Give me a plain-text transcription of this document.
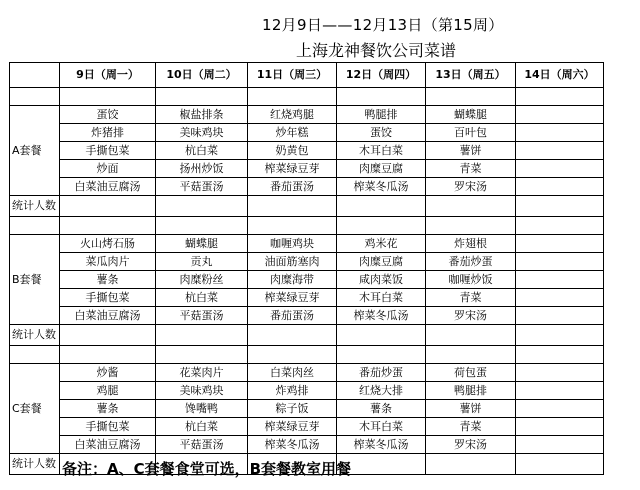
12月9日——12月13日（第15周）
上海龙神餐饮公司菜谱
	9日（周一）	10日（周二）	11日（周三）	12日（周四）	13日（周五）	14日（周六）

A套餐	蛋饺	椒盐排条	红烧鸡腿	鸭腿排	蝴蝶腿	
	炸猪排	美味鸡块	炒年糕	蛋饺	百叶包	
	手撕包菜	杭白菜	奶黄包	木耳白菜	薯饼	
	炒面	扬州炒饭	榨菜绿豆芽	肉糜豆腐	青菜	
	白菜油豆腐汤	平菇蛋汤	番茄蛋汤	榨菜冬瓜汤	罗宋汤	
统计人数						

B套餐	火山烤石肠	蝴蝶腿	咖喱鸡块	鸡米花	炸翅根	
	菜瓜肉片	贡丸	油面筋塞肉	肉糜豆腐	番茄炒蛋	
	薯条	肉糜粉丝	肉糜海带	咸肉菜饭	咖喱炒饭	
	手撕包菜	杭白菜	榨菜绿豆芽	木耳白菜	青菜	
	白菜油豆腐汤	平菇蛋汤	番茄蛋汤	榨菜冬瓜汤	罗宋汤	
统计人数						

C套餐	炒酱	花菜肉片	白菜肉丝	番茄炒蛋	荷包蛋	
	鸡腿	美味鸡块	炸鸡排	红烧大排	鸭腿排	
	薯条	馋嘴鸭	粽子饭	薯条	薯饼	
	手撕包菜	杭白菜	榨菜绿豆芽	木耳白菜	青菜	
	白菜油豆腐汤	平菇蛋汤	榨菜冬瓜汤	榨菜冬瓜汤	罗宋汤	
统计人数						备注：A、C套餐食堂可选，B套餐教室用餐
